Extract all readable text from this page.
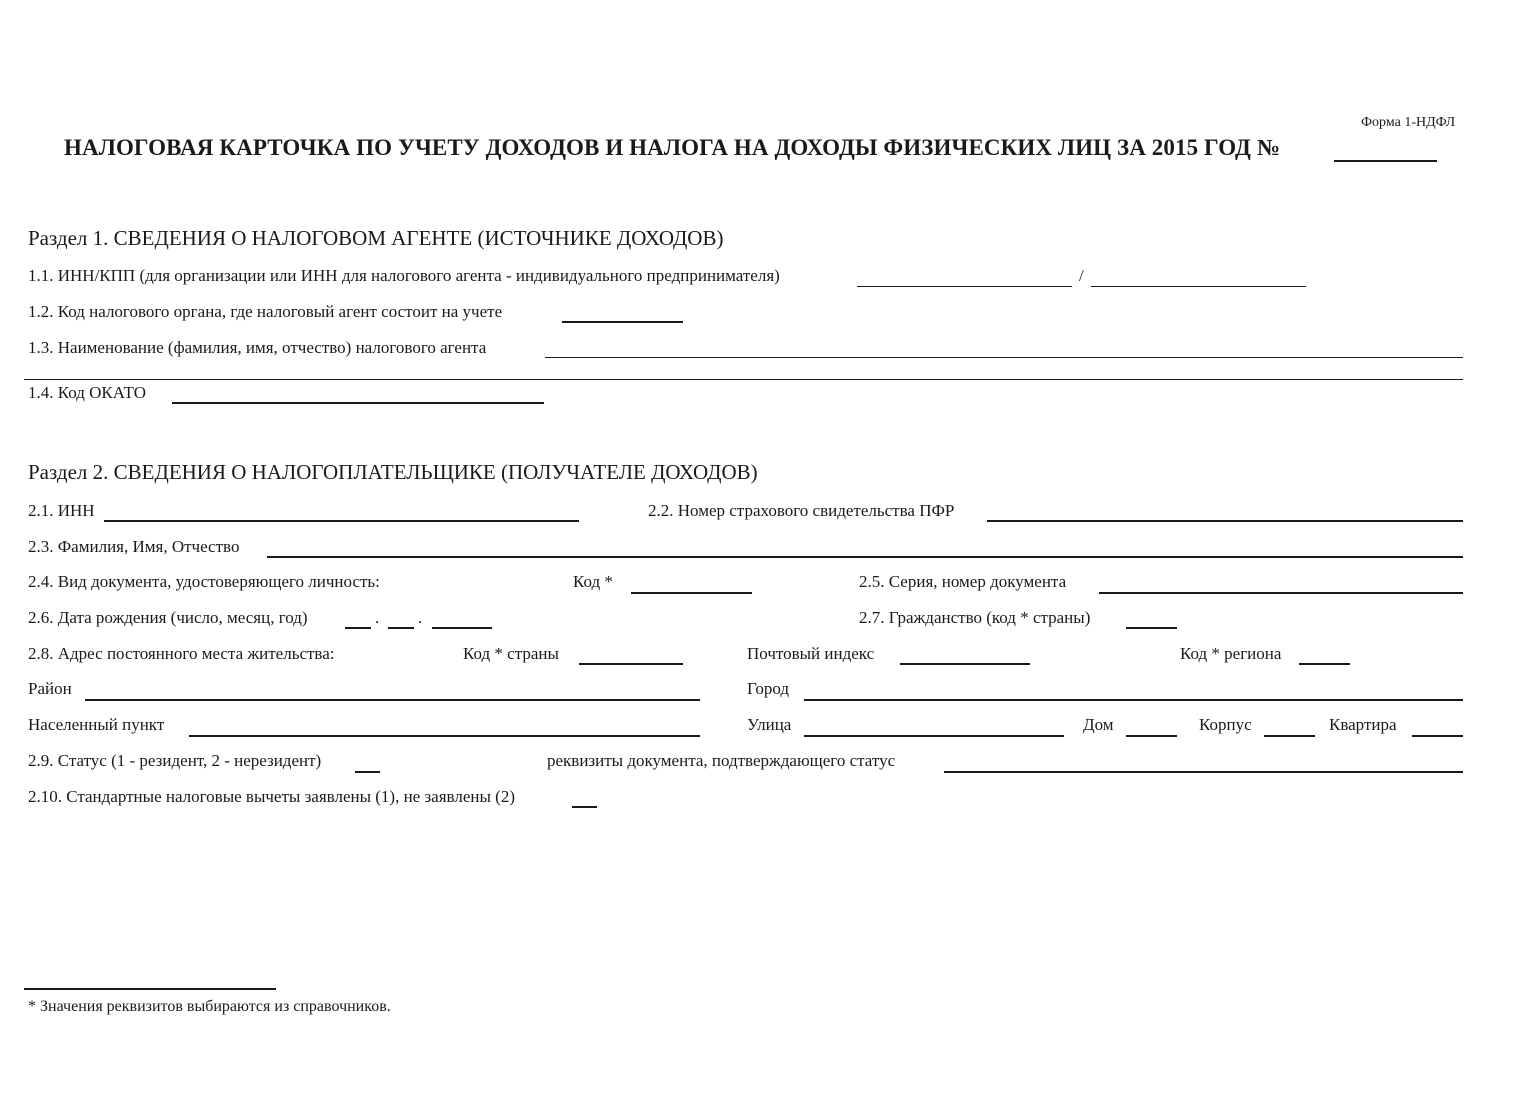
Форма 1-НДФЛ
НАЛОГОВАЯ КАРТОЧКА ПО УЧЕТУ ДОХОДОВ И НАЛОГА НА ДОХОДЫ ФИЗИЧЕСКИХ ЛИЦ ЗА 2015 ГОД №
Раздел 1. СВЕДЕНИЯ О НАЛОГОВОМ АГЕНТЕ (ИСТОЧНИКЕ ДОХОДОВ)
1.1. ИНН/КПП (для организации или ИНН для налогового агента - индивидуального предпринимателя)	/
1.2. Код налогового органа, где налоговый агент состоит на учете
1.3. Наименование (фамилия, имя, отчество) налогового агента
1.4. Код ОКАТО
Раздел 2. СВЕДЕНИЯ О НАЛОГОПЛАТЕЛЬЩИКЕ (ПОЛУЧАТЕЛЕ ДОХОДОВ)
2.1. ИНН	2.2. Номер страхового свидетельства ПФР
2.3. Фамилия, Имя, Отчество
2.4. Вид документа, удостоверяющего личность:	Код *	2.5. Серия, номер документа
2.6. Дата рождения (число, месяц, год)	. .	2.7. Гражданство (код * страны)
2.8. Адрес постоянного места жительства:	Код * страны	Почтовый индекс	Код * региона
Район	Город
Населенный пункт	Улица	Дом	Корпус	Квартира
2.9. Статус (1 - резидент, 2 - нерезидент)	реквизиты документа, подтверждающего статус
2.10. Стандартные налоговые вычеты заявлены (1), не заявлены (2)
* Значения реквизитов выбираются из справочников.
